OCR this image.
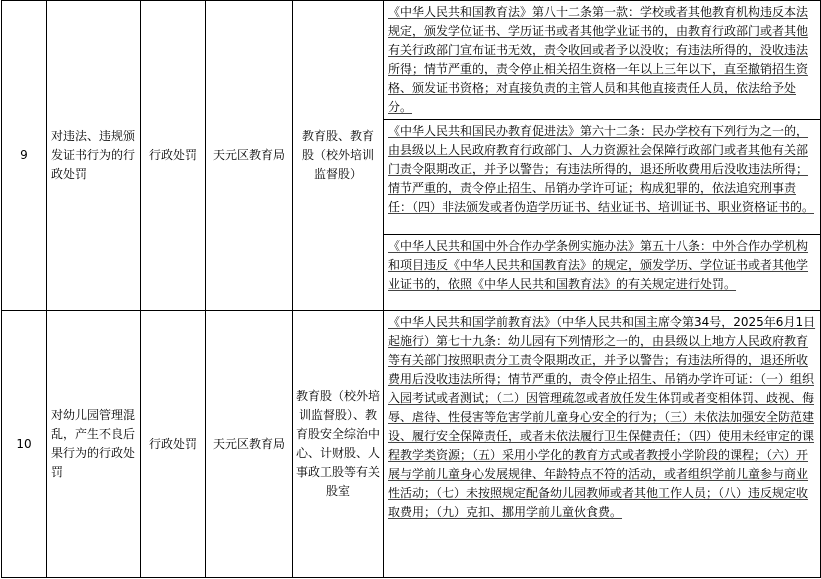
9	对违法、违规颁发证书行为的行政处罚	行政处罚	天元区教育局	教育股、教育股（校外培训监督股）	《中华人民共和国教育法》第八十二条第一款：学校或者其他教育机构违反本法规定，颁发学位证书、学历证书或者其他学业证书的，由教育行政部门或者其他有关行政部门宣布证书无效，责令收回或者予以没收；有违法所得的，没收违法所得；情节严重的，责令停止相关招生资格一年以上三年以下，直至撤销招生资格、颁发证书资格；对直接负责的主管人员和其他直接责任人员，依法给予处分。
					《中华人民共和国民办教育促进法》第六十二条：民办学校有下列行为之一的，由县级以上人民政府教育行政部门、人力资源社会保障行政部门或者其他有关部门责令限期改正，并予以警告；有违法所得的，退还所收费用后没收违法所得；情节严重的，责令停止招生、吊销办学许可证；构成犯罪的，依法追究刑事责任：（四）非法颁发或者伪造学历证书、结业证书、培训证书、职业资格证书的。
					《中华人民共和国中外合作办学条例实施办法》第五十八条：中外合作办学机构和项目违反《中华人民共和国教育法》的规定，颁发学历、学位证书或者其他学业证书的，依照《中华人民共和国教育法》的有关规定进行处罚。
10	对幼儿园管理混乱，产生不良后果行为的行政处罚	行政处罚	天元区教育局	教育股（校外培训监督股）、教育股安全综治中心、计财股、人事政工股等有关股室	《中华人民共和国学前教育法》（中华人民共和国主席令第34号，2025年6月1日起施行）第七十九条：幼儿园有下列情形之一的，由县级以上地方人民政府教育等有关部门按照职责分工责令限期改正，并予以警告；有违法所得的，退还所收费用后没收违法所得；情节严重的，责令停止招生、吊销办学许可证：（一）组织入园考试或者测试；（二）因管理疏忽或者放任发生体罚或者变相体罚、歧视、侮辱、虐待、性侵害等危害学前儿童身心安全的行为；（三）未依法加强安全防范建设、履行安全保障责任，或者未依法履行卫生保健责任；（四）使用未经审定的课程教学类资源；（五）采用小学化的教育方式或者教授小学阶段的课程；（六）开展与学前儿童身心发展规律、年龄特点不符的活动，或者组织学前儿童参与商业性活动；（七）未按照规定配备幼儿园教师或者其他工作人员；（八）违反规定收取费用；（九）克扣、挪用学前儿童伙食费。
